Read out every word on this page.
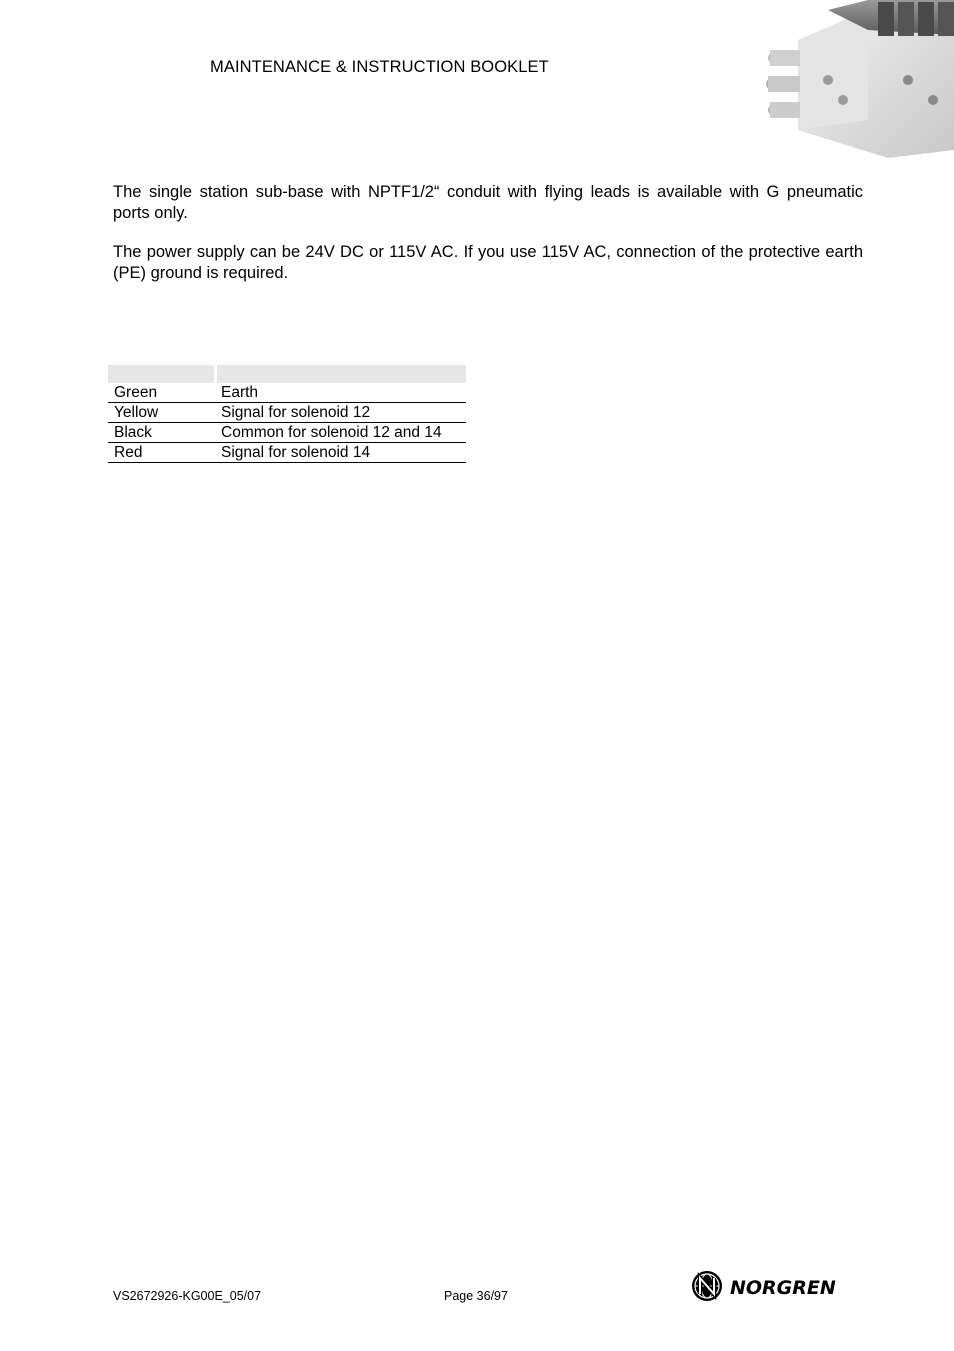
MAINTENANCE & INSTRUCTION BOOKLET

The single station sub-base with NPTF1/2“ conduit with flying leads is available with G pneumatic ports only.

The power supply can be 24V DC or 115V AC. If you use 115V AC, connection of the protective earth (PE) ground is required.

Green	Earth
Yellow	Signal for solenoid 12
Black	Common for solenoid 12 and 14
Red	Signal for solenoid 14
VS2672926-KG00E_05/07	Page 36/97	NORGREN
